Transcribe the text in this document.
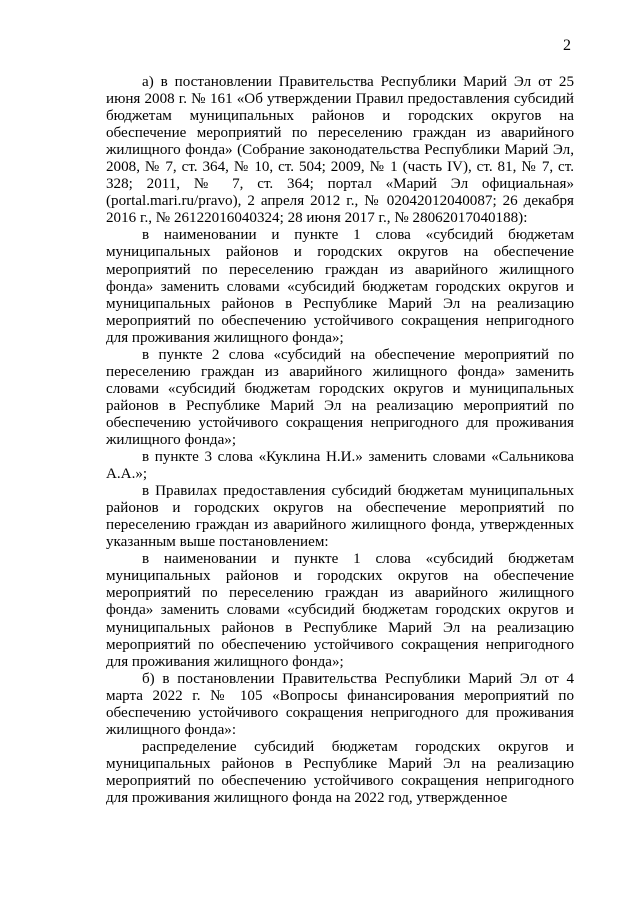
2

а) в постановлении Правительства Республики Марий Эл от 25 июня 2008 г. № 161 «Об утверждении Правил предоставления субсидий бюджетам муниципальных районов и городских округов на обеспечение мероприятий по переселению граждан из аварийного жилищного фонда» (Собрание законодательства Республики Марий Эл, 2008, № 7, ст. 364, № 10, ст. 504; 2009, № 1 (часть IV), ст. 81, № 7, ст. 328; 2011, № 7, ст. 364; портал «Марий Эл официальная» (portal.mari.ru/pravo), 2 апреля 2012 г., № 02042012040087; 26 декабря 2016 г., № 26122016040324; 28 июня 2017 г., № 28062017040188):

в наименовании и пункте 1 слова «субсидий бюджетам муниципальных районов и городских округов на обеспечение мероприятий по переселению граждан из аварийного жилищного фонда» заменить словами «субсидий бюджетам городских округов и муниципальных районов в Республике Марий Эл на реализацию мероприятий по обеспечению устойчивого сокращения непригодного для проживания жилищного фонда»;

в пункте 2 слова «субсидий на обеспечение мероприятий по переселению граждан из аварийного жилищного фонда» заменить словами «субсидий бюджетам городских округов и муниципальных районов в Республике Марий Эл на реализацию мероприятий по обеспечению устойчивого сокращения непригодного для проживания жилищного фонда»;

в пункте 3 слова «Куклина Н.И.» заменить словами «Сальникова А.А.»;

в Правилах предоставления субсидий бюджетам муниципальных районов и городских округов на обеспечение мероприятий по переселению граждан из аварийного жилищного фонда, утвержденных указанным выше постановлением:

в наименовании и пункте 1 слова «субсидий бюджетам муниципальных районов и городских округов на обеспечение мероприятий по переселению граждан из аварийного жилищного фонда» заменить словами «субсидий бюджетам городских округов и муниципальных районов в Республике Марий Эл на реализацию мероприятий по обеспечению устойчивого сокращения непригодного для проживания жилищного фонда»;

б) в постановлении Правительства Республики Марий Эл от 4 марта 2022 г. № 105 «Вопросы финансирования мероприятий по обеспечению устойчивого сокращения непригодного для проживания жилищного фонда»:

распределение субсидий бюджетам городских округов и муниципальных районов в Республике Марий Эл на реализацию мероприятий по обеспечению устойчивого сокращения непригодного для проживания жилищного фонда на 2022 год, утвержденное
